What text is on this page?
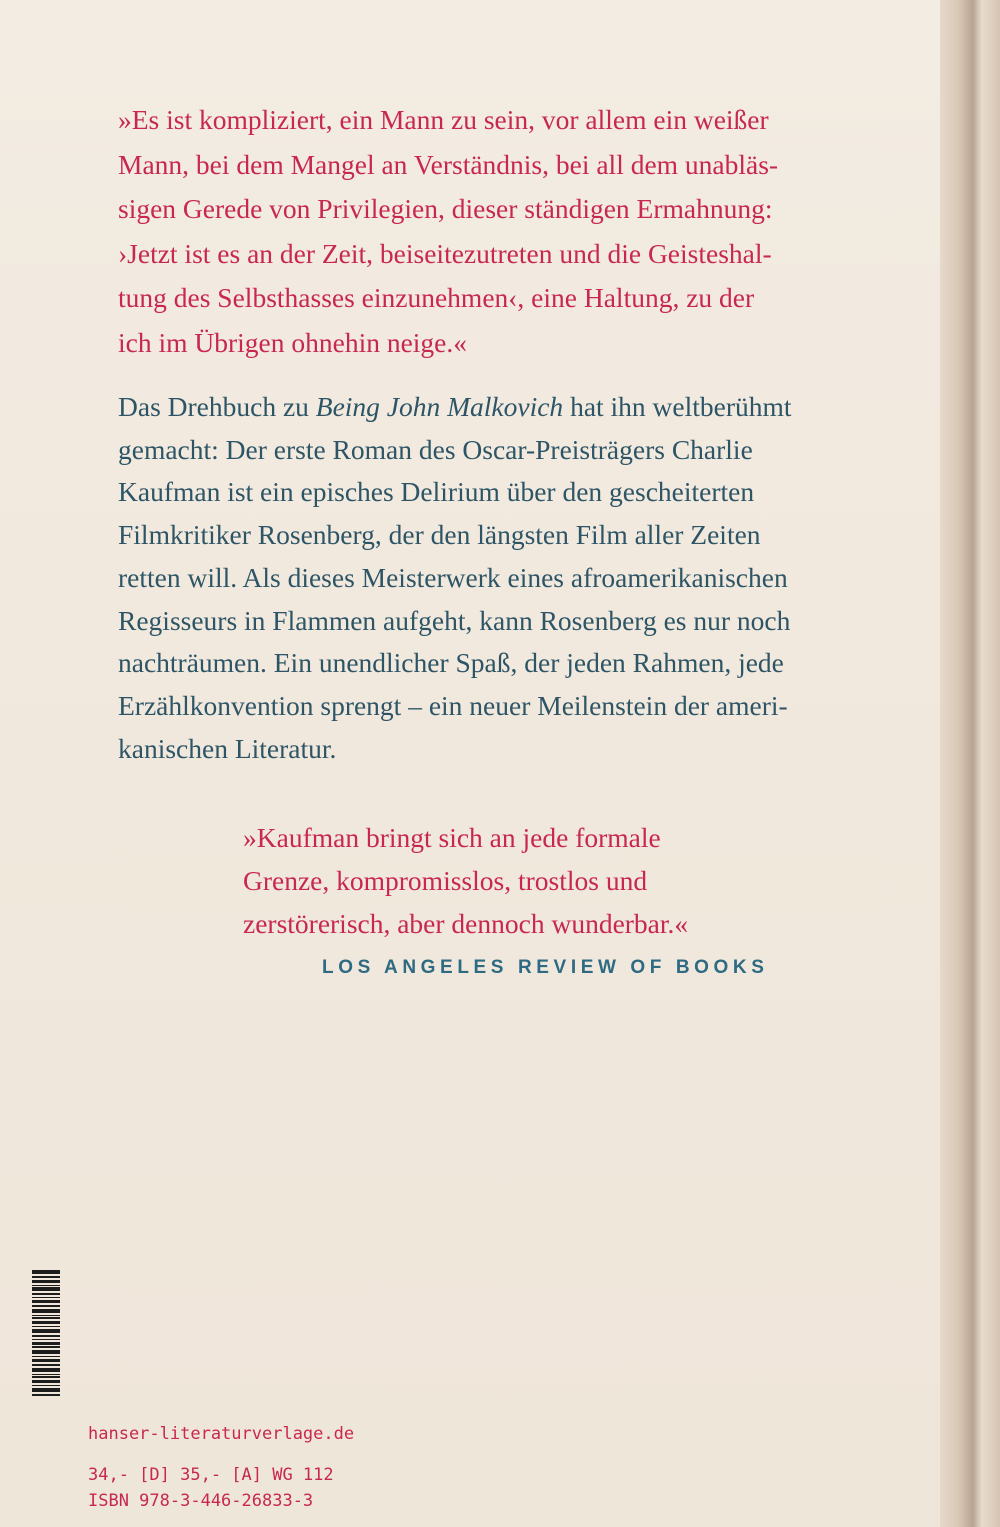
»Es ist kompliziert, ein Mann zu sein, vor allem ein weißer
Mann, bei dem Mangel an Verständnis, bei all dem unabläs-
sigen Gerede von Privilegien, dieser ständigen Ermahnung:
›Jetzt ist es an der Zeit, beiseitezutreten und die Geisteshal-
tung des Selbsthasses einzunehmen‹, eine Haltung, zu der
ich im Übrigen ohnehin neige.«

Das Drehbuch zu Being John Malkovich hat ihn weltberühmt
gemacht: Der erste Roman des Oscar-Preisträgers Charlie
Kaufman ist ein episches Delirium über den gescheiterten
Filmkritiker Rosenberg, der den längsten Film aller Zeiten
retten will. Als dieses Meisterwerk eines afroamerikanischen
Regisseurs in Flammen aufgeht, kann Rosenberg es nur noch
nachträumen. Ein unendlicher Spaß, der jeden Rahmen, jede
Erzählkonvention sprengt – ein neuer Meilenstein der ameri-
kanischen Literatur.

»Kaufman bringt sich an jede formale
Grenze, kompromisslos, trostlos und
zerstörerisch, aber dennoch wunderbar.«

LOS ANGELES REVIEW OF BOOKS
hanser-literaturverlage.de
34,- [D] 35,- [A] WG 112
ISBN 978-3-446-26833-3
